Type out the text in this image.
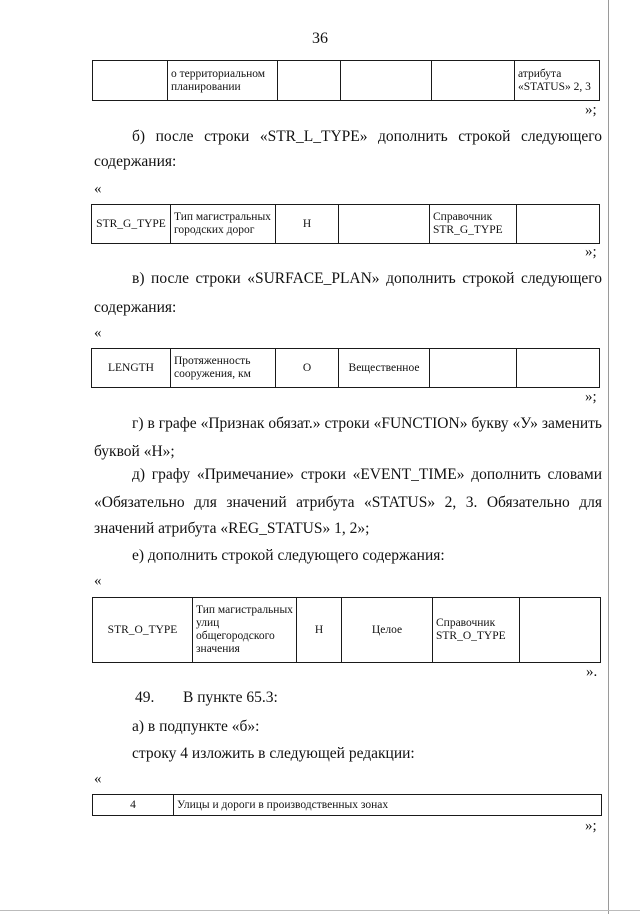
36
	о территориальном планировании				атрибута «STATUS» 2, 3
»;
б) после строки «STR_L_TYPE» дополнить строкой следующего
содержания:
«
STR_G_TYPE	Тип магистральных городских дорог	Н		Справочник STR_G_TYPE	
»;
в) после строки «SURFACE_PLAN» дополнить строкой следующего
содержания:
«
LENGTH	Протяженность сооружения, км	О	Вещественное		
»;
г) в графе «Признак обязат.» строки «FUNCTION» букву «У» заменить
буквой «Н»;
д) графу «Примечание» строки «EVENT_TIME» дополнить словами
«Обязательно для значений атрибута «STATUS» 2, 3. Обязательно для
значений атрибута «REG_STATUS» 1, 2»;
е) дополнить строкой следующего содержания:
«
STR_O_TYPE	Тип магистральных улиц общегородского значения	Н	Целое	Справочник STR_O_TYPE	
».
49. В пункте 65.3:
а) в подпункте «б»:
строку 4 изложить в следующей редакции:
«
4	Улицы и дороги в производственных зонах
»;
